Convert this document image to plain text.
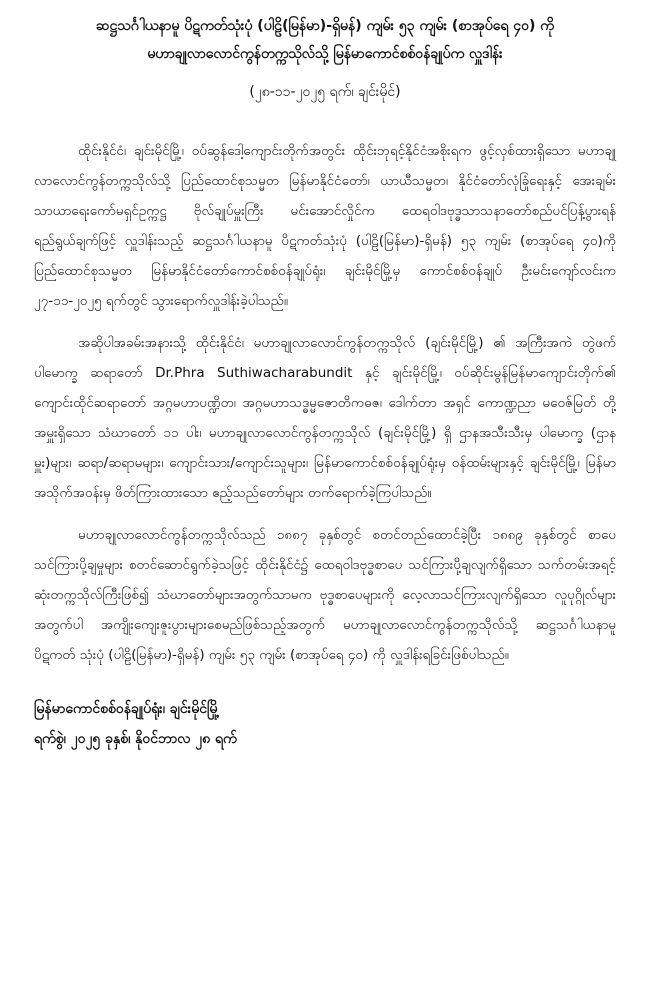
ဆဋ္ဌသင်္ဂါယနာမူ ပိဋကတ်သုံးပုံ (ပါဠိ(မြန်မာ)-ရှိမန်) ကျမ်း ၅၃ ကျမ်း (စာအုပ်ရေ ၄၀) ကို
မဟာချုလာလောင်ကွန်တက္ကသိုလ်သို့ မြန်မာကောင်စစ်ဝန်ချုပ်က လှူဒါန်း
(၂၈-၁၁-၂၀၂၅ ရက်၊ ချင်းမိုင်)

ထိုင်းနိုင်ငံ၊ ချင်းမိုင်မြို့၊ ဝပ်ဆွန်ဒေါ့ကျောင်းတိုက်အတွင်း ထိုင်းဘုရင့်နိုင်ငံအစိုးရက ဖွင့်လှစ်ထားရှိသော မဟာချုလာလောင်ကွန်တက္ကသိုလ်သို့ ပြည်ထောင်စုသမ္မတ မြန်မာနိုင်ငံတော်၊ ယာယီသမ္မတ၊ နိုင်ငံတော်လုံခြုံရေးနှင့် အေးချမ်းသာယာရေးကော်မရှင်ဥက္ကဋ္ဌ ဗိုလ်ချုပ်မှူးကြီး မင်းအောင်လှိုင်က ထေရဝါဒဗုဒ္ဓသာသနာတော်စည်ပင်ပြန့်ပွားရန် ရည်ရွယ်ချက်ဖြင့် လှူဒါန်းသည့် ဆဋ္ဌသင်္ဂါယနာမူ ပိဋကတ်သုံးပုံ (ပါဠိ(မြန်မာ)-ရှိမန်) ၅၃ ကျမ်း (စာအုပ်ရေ ၄၀)ကို ပြည်ထောင်စုသမ္မတ မြန်မာနိုင်ငံတော်ကောင်စစ်ဝန်ချုပ်ရုံး၊ ချင်းမိုင်မြို့မှ ကောင်စစ်ဝန်ချုပ် ဦးမင်းကျော်လင်းက ၂၇-၁၁-၂၀၂၅ ရက်တွင် သွားရောက်လှူဒါန်းခဲ့ပါသည်။

အဆိုပါအခမ်းအနားသို့ ထိုင်းနိုင်ငံ၊ မဟာချုလာလောင်ကွန်တက္ကသိုလ် (ချင်းမိုင်မြို့) ၏ အကြီးအကဲ တွဲဖက်ပါမောက္ခ ဆရာတော် Dr.Phra Suthiwacharabundit နှင့် ချင်းမိုင်မြို့၊ ဝပ်ဆိုင်းမွန်မြန်မာကျောင်းတိုက်၏ ကျောင်းထိုင်ဆရာတော် အဂ္ဂမဟာပဏ္ဍိတ၊ အဂ္ဂမဟာသဒ္ဓမ္မဇောတိကဓဇ၊ ဒေါက်တာ အရှင် ကောဏ္ဍညာ မဝေဇ်မြတ် တို့အမှူးရှိသော သံဃာတော် ၁၁ ပါး၊ မဟာချုလာလောင်ကွန်တက္ကသိုလ် (ချင်းမိုင်မြို့) ရှိ ဌာနအသီးသီးမှ ပါမောက္ခ (ဌာနမှူး)များ၊ ဆရာ/ဆရာမများ၊ ကျောင်းသား/ကျောင်းသူများ၊ မြန်မာကောင်စစ်ဝန်ချုပ်ရုံးမှ ဝန်ထမ်းများနှင့် ချင်းမိုင်မြို့၊ မြန်မာအသိုက်အဝန်းမှ ဖိတ်ကြားထားသော ဧည့်သည်တော်များ တက်ရောက်ခဲ့ကြပါသည်။

မဟာချုလာလောင်ကွန်တက္ကသိုလ်သည် ၁၈၈၇ ခုနှစ်တွင် စတင်တည်ထောင်ခဲ့ပြီး ၁၈၈၉ ခုနှစ်တွင် စာပေသင်ကြားပို့ချမှုများ စတင်ဆောင်ရွက်ခဲ့သဖြင့် ထိုင်းနိုင်ငံ၌ ထေရဝါဒဗုဒ္ဓစာပေ သင်ကြားပို့ချလျက်ရှိသော သက်တမ်းအရင့်ဆုံးတက္ကသိုလ်ကြီးဖြစ်၍ သံဃာတော်များအတွက်သာမက ဗုဒ္ဓစာပေများကို လေ့လာသင်ကြားလျက်ရှိသော လူပုဂ္ဂိုလ်များအတွက်ပါ အကျိုးကျေးဇူးပွားများစေမည်ဖြစ်သည့်အတွက် မဟာချုလာလောင်ကွန်တက္ကသိုလ်သို့ ဆဋ္ဌသင်္ဂါယနာမူ ပိဋကတ် သုံးပုံ (ပါဠိ(မြန်မာ)-ရှိမန်) ကျမ်း ၅၃ ကျမ်း (စာအုပ်ရေ ၄၀) ကို လှူဒါန်းရခြင်းဖြစ်ပါသည်။

မြန်မာကောင်စစ်ဝန်ချုပ်ရုံး၊ ချင်းမိုင်မြို့
ရက်စွဲ၊ ၂၀၂၅ ခုနှစ်၊ နိုဝင်ဘာလ ၂၈ ရက်
